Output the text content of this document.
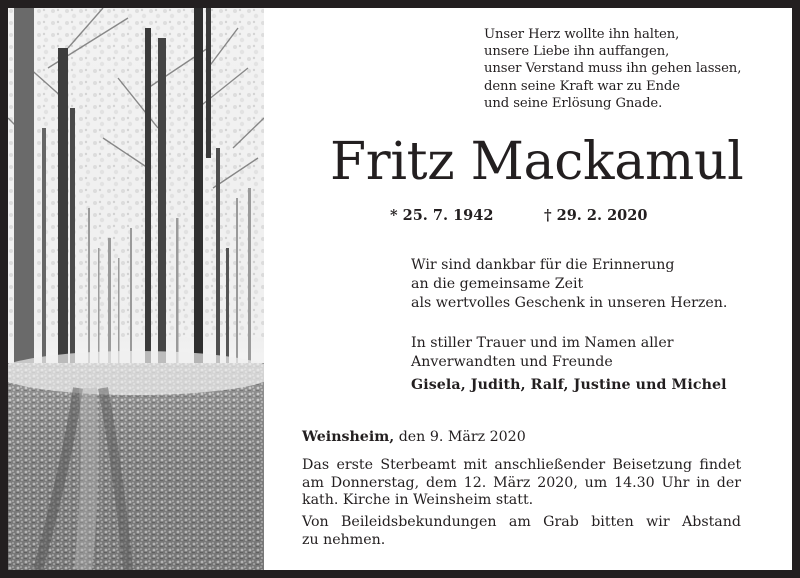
Unser Herz wollte ihn halten,
unsere Liebe ihn auffangen,
unser Verstand muss ihn gehen lassen,
denn seine Kraft war zu Ende
und seine Erlösung Gnade.
Fritz Mackamul
* 25. 7. 1942	† 29. 2. 2020
Wir sind dankbar für die Erinnerung
an die gemeinsame Zeit
als wertvolles Geschenk in unseren Herzen.
In stiller Trauer und im Namen aller
Anverwandten und Freunde
Gisela, Judith, Ralf, Justine und Michel
Weinsheim, den 9. März 2020
Das erste Sterbeamt mit anschließender Beisetzung findet
am Donnerstag, dem 12. März 2020, um 14.30 Uhr in der
kath. Kirche in Weinsheim statt.
Von Beileidsbekundungen am Grab bitten wir Abstand
zu nehmen.
